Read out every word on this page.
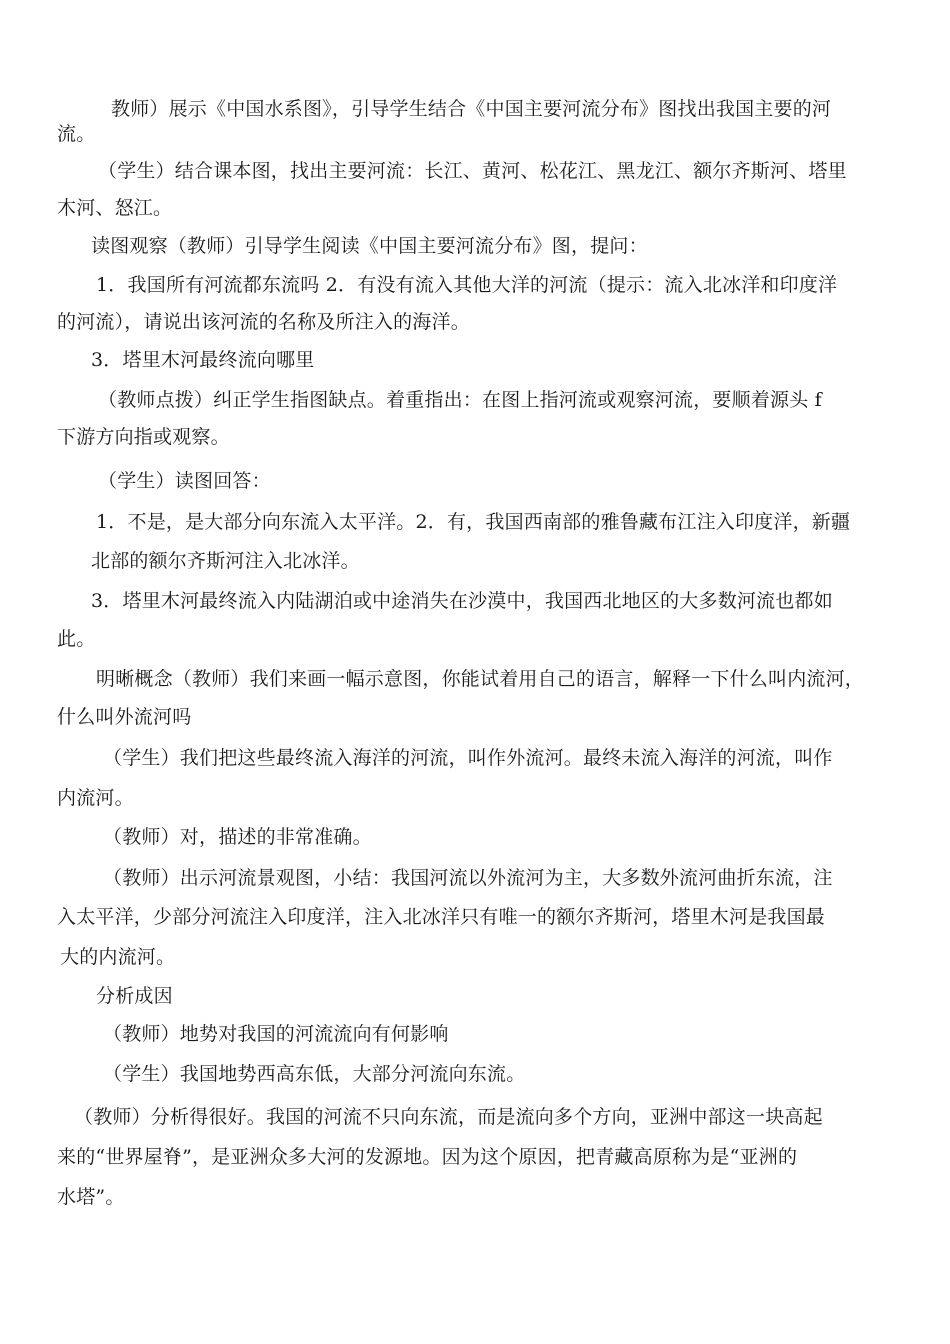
教师）展示《中国水系图》，引导学生结合《中国主要河流分布》图找出我国主要的河
流。
（学生）结合课本图，找出主要河流：长江、黄河、松花江、黑龙江、额尔齐斯河、塔里
木河、怒江。
读图观察（教师）引导学生阅读《中国主要河流分布》图，提问：
1．我国所有河流都东流吗 2．有没有流入其他大洋的河流（提示：流入北冰洋和印度洋
的河流），请说出该河流的名称及所注入的海洋。
3．塔里木河最终流向哪里
（教师点拨）纠正学生指图缺点。着重指出：在图上指河流或观察河流，要顺着源头 f
下游方向指或观察。
（学生）读图回答：
1．不是，是大部分向东流入太平洋。2．有，我国西南部的雅鲁藏布江注入印度洋，新疆
北部的额尔齐斯河注入北冰洋。
3．塔里木河最终流入内陆湖泊或中途消失在沙漠中，我国西北地区的大多数河流也都如
此。
明晰概念（教师）我们来画一幅示意图，你能试着用自己的语言，解释一下什么叫内流河，
什么叫外流河吗
（学生）我们把这些最终流入海洋的河流，叫作外流河。最终未流入海洋的河流，叫作
内流河。
（教师）对，描述的非常准确。
（教师）出示河流景观图，小结：我国河流以外流河为主，大多数外流河曲折东流，注
入太平洋，少部分河流注入印度洋，注入北冰洋只有唯一的额尔齐斯河，塔里木河是我国最
大的内流河。
分析成因
（教师）地势对我国的河流流向有何影响
（学生）我国地势西高东低，大部分河流向东流。
（教师）分析得很好。我国的河流不只向东流，而是流向多个方向，亚洲中部这一块高起
来的“世界屋脊”，是亚洲众多大河的发源地。因为这个原因，把青藏高原称为是“亚洲的
水塔”。
